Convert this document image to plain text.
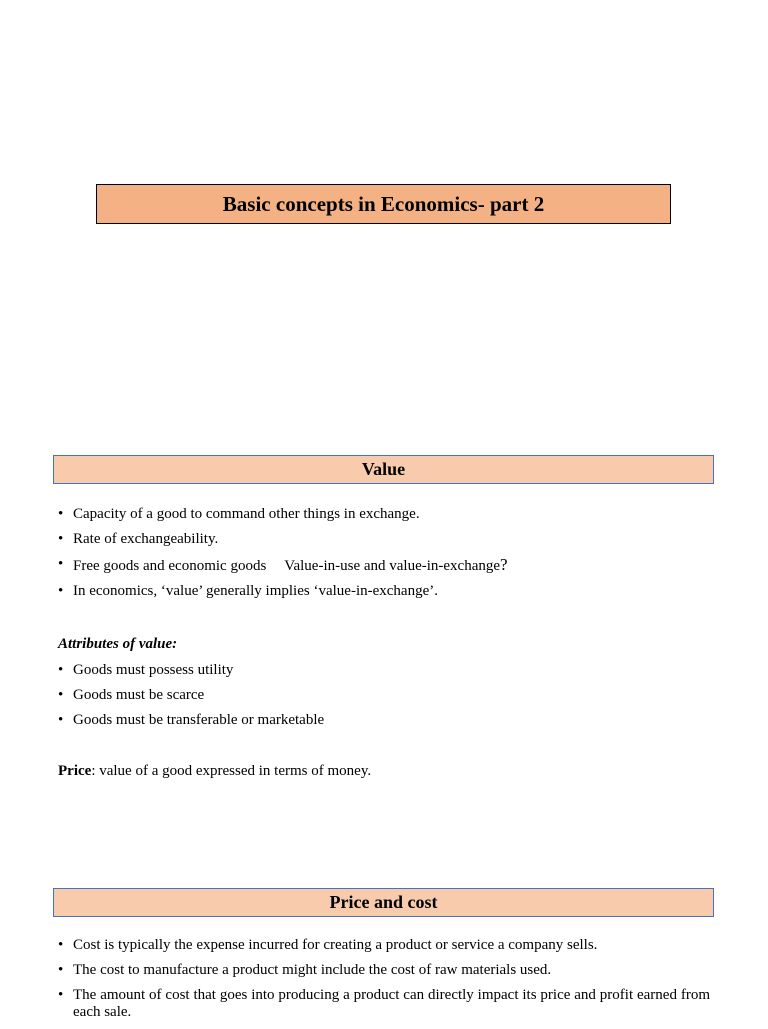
Basic concepts in Economics- part 2
Value
• Capacity of a good to command other things in exchange.
• Rate of exchangeability.
• Free goods and economic goods Value-in-use and value-in-exchange?
• In economics, ‘value’ generally implies ‘value-in-exchange’.

Attributes of value:

• Goods must possess utility
• Goods must be scarce
• Goods must be transferable or marketable

Price: value of a good expressed in terms of money.

Price and cost
• Cost is typically the expense incurred for creating a product or service a company sells.
• The cost to manufacture a product might include the cost of raw materials used.
• The amount of cost that goes into producing a product can directly impact its price and profit earned from each sale.
